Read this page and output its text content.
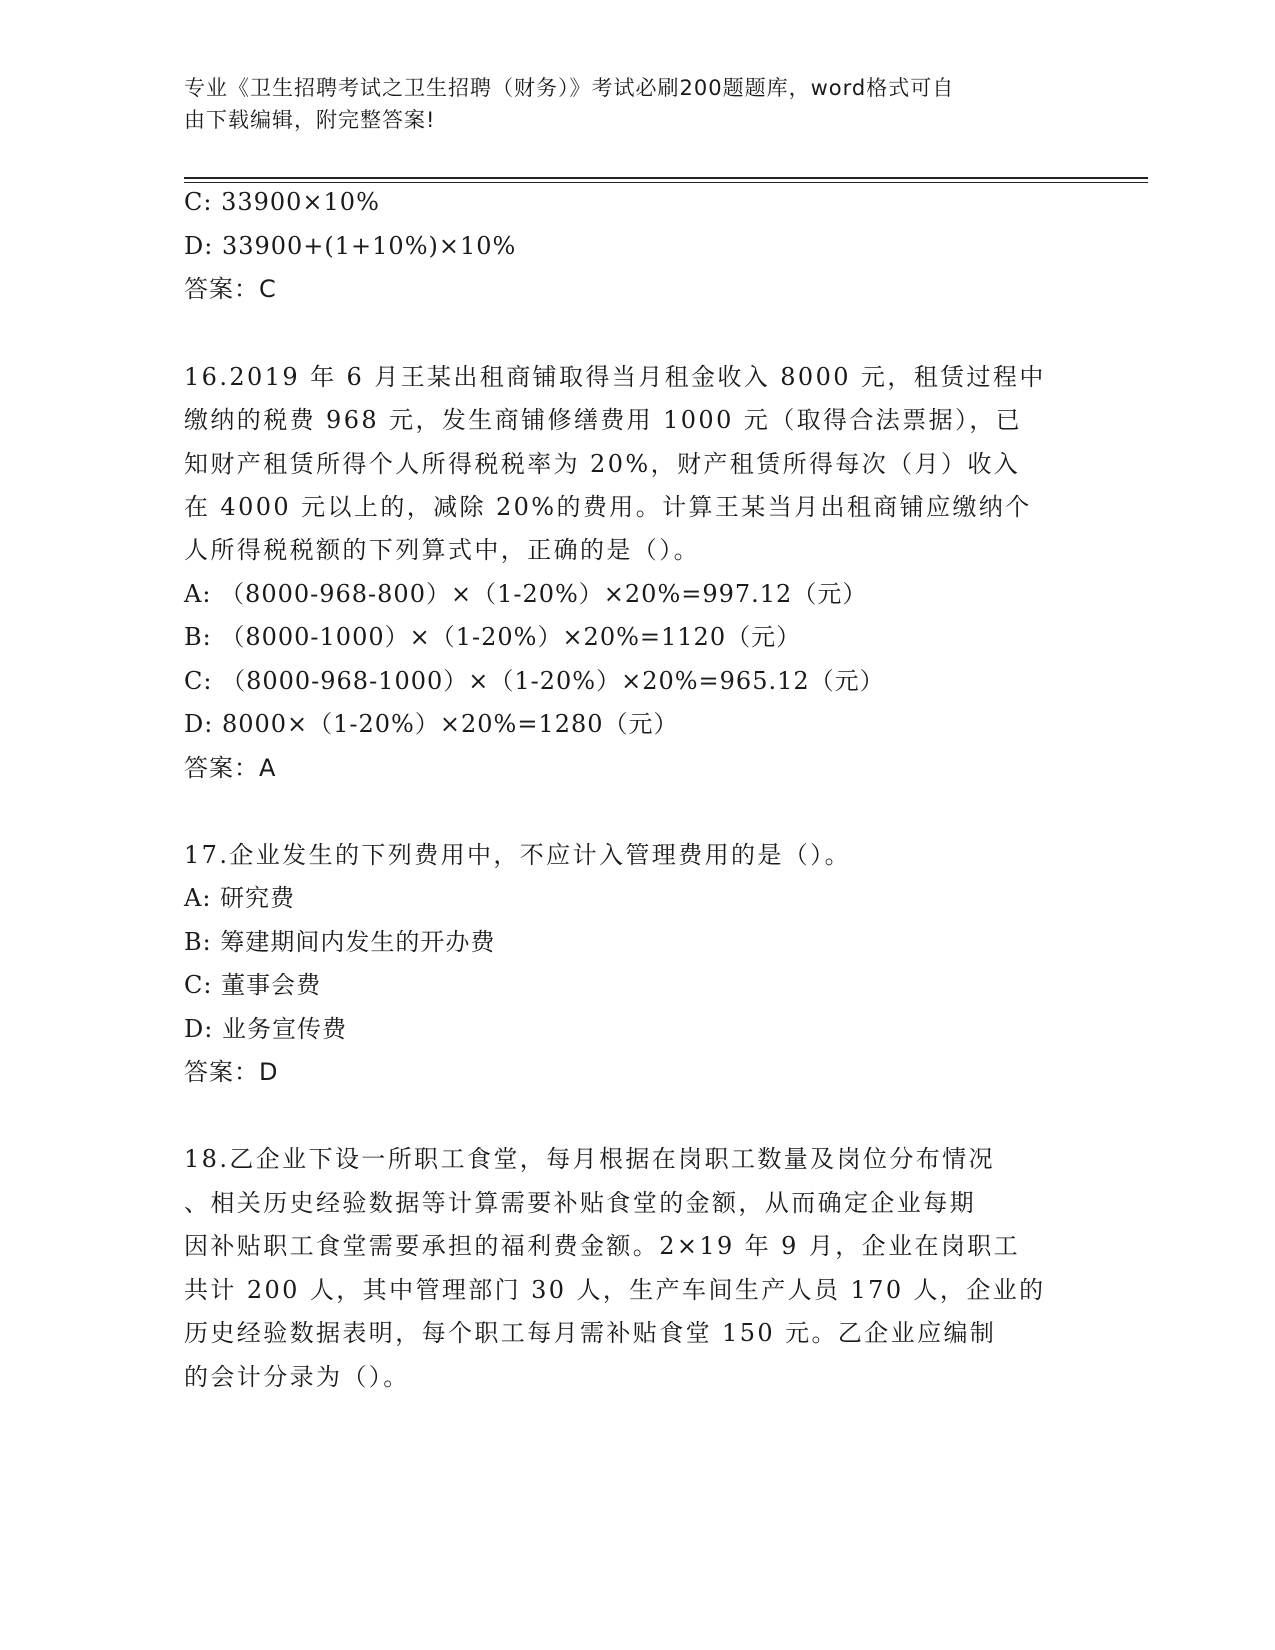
专业《卫生招聘考试之卫生招聘（财务）》考试必刷200题题库，word格式可自
由下载编辑，附完整答案!
C: 33900×10%
D: 33900+(1+10%)×10%
答案：C
16.2019 年 6 月王某出租商铺取得当月租金收入 8000 元，租赁过程中
缴纳的税费 968 元，发生商铺修缮费用 1000 元（取得合法票据），已
知财产租赁所得个人所得税税率为 20%，财产租赁所得每次（月）收入
在 4000 元以上的，减除 20%的费用。计算王某当月出租商铺应缴纳个
人所得税税额的下列算式中，正确的是（）。
A: （8000-968-800）×（1-20%）×20%=997.12（元）
B: （8000-1000）×（1-20%）×20%=1120（元）
C: （8000-968-1000）×（1-20%）×20%=965.12（元）
D: 8000×（1-20%）×20%=1280（元）
答案：A
17.企业发生的下列费用中，不应计入管理费用的是（）。
A: 研究费
B: 筹建期间内发生的开办费
C: 董事会费
D: 业务宣传费
答案：D
18.乙企业下设一所职工食堂，每月根据在岗职工数量及岗位分布情况
、相关历史经验数据等计算需要补贴食堂的金额，从而确定企业每期
因补贴职工食堂需要承担的福利费金额。2×19 年 9 月，企业在岗职工
共计 200 人，其中管理部门 30 人，生产车间生产人员 170 人，企业的
历史经验数据表明，每个职工每月需补贴食堂 150 元。乙企业应编制
的会计分录为（）。
